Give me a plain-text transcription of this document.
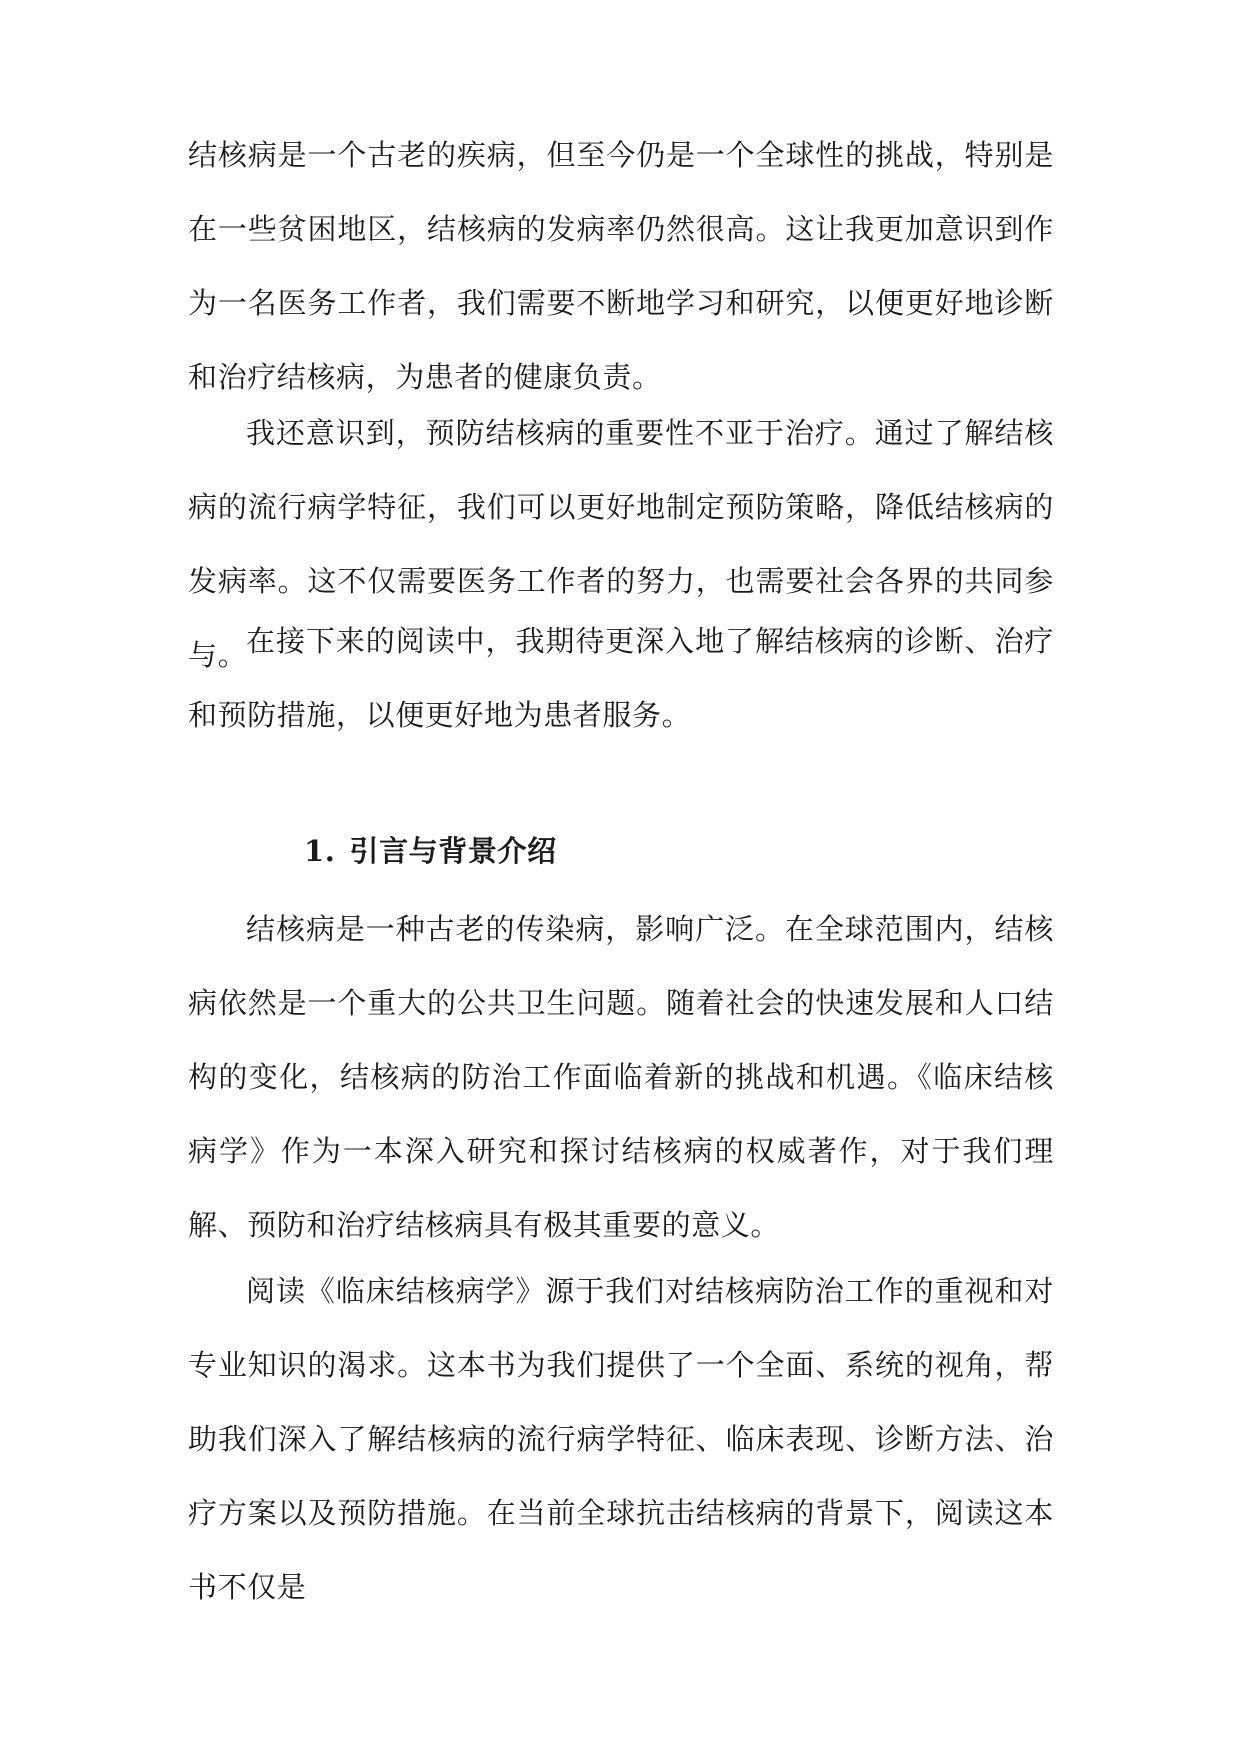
结核病是一个古老的疾病，但至今仍是一个全球性的挑战，特别是在一些贫困地区，结核病的发病率仍然很高。这让我更加意识到作为一名医务工作者，我们需要不断地学习和研究，以便更好地诊断和治疗结核病，为患者的健康负责。

我还意识到，预防结核病的重要性不亚于治疗。通过了解结核病的流行病学特征，我们可以更好地制定预防策略，降低结核病的发病率。这不仅需要医务工作者的努力，也需要社会各界的共同参与。

在接下来的阅读中，我期待更深入地了解结核病的诊断、治疗和预防措施，以便更好地为患者服务。

1. 引言与背景介绍

结核病是一种古老的传染病，影响广泛。在全球范围内，结核病依然是一个重大的公共卫生问题。随着社会的快速发展和人口结构的变化，结核病的防治工作面临着新的挑战和机遇。《临床结核病学》作为一本深入研究和探讨结核病的权威著作，对于我们理解、预防和治疗结核病具有极其重要的意义。

阅读《临床结核病学》源于我们对结核病防治工作的重视和对专业知识的渴求。这本书为我们提供了一个全面、系统的视角，帮助我们深入了解结核病的流行病学特征、临床表现、诊断方法、治疗方案以及预防措施。在当前全球抗击结核病的背景下，阅读这本书不仅是
